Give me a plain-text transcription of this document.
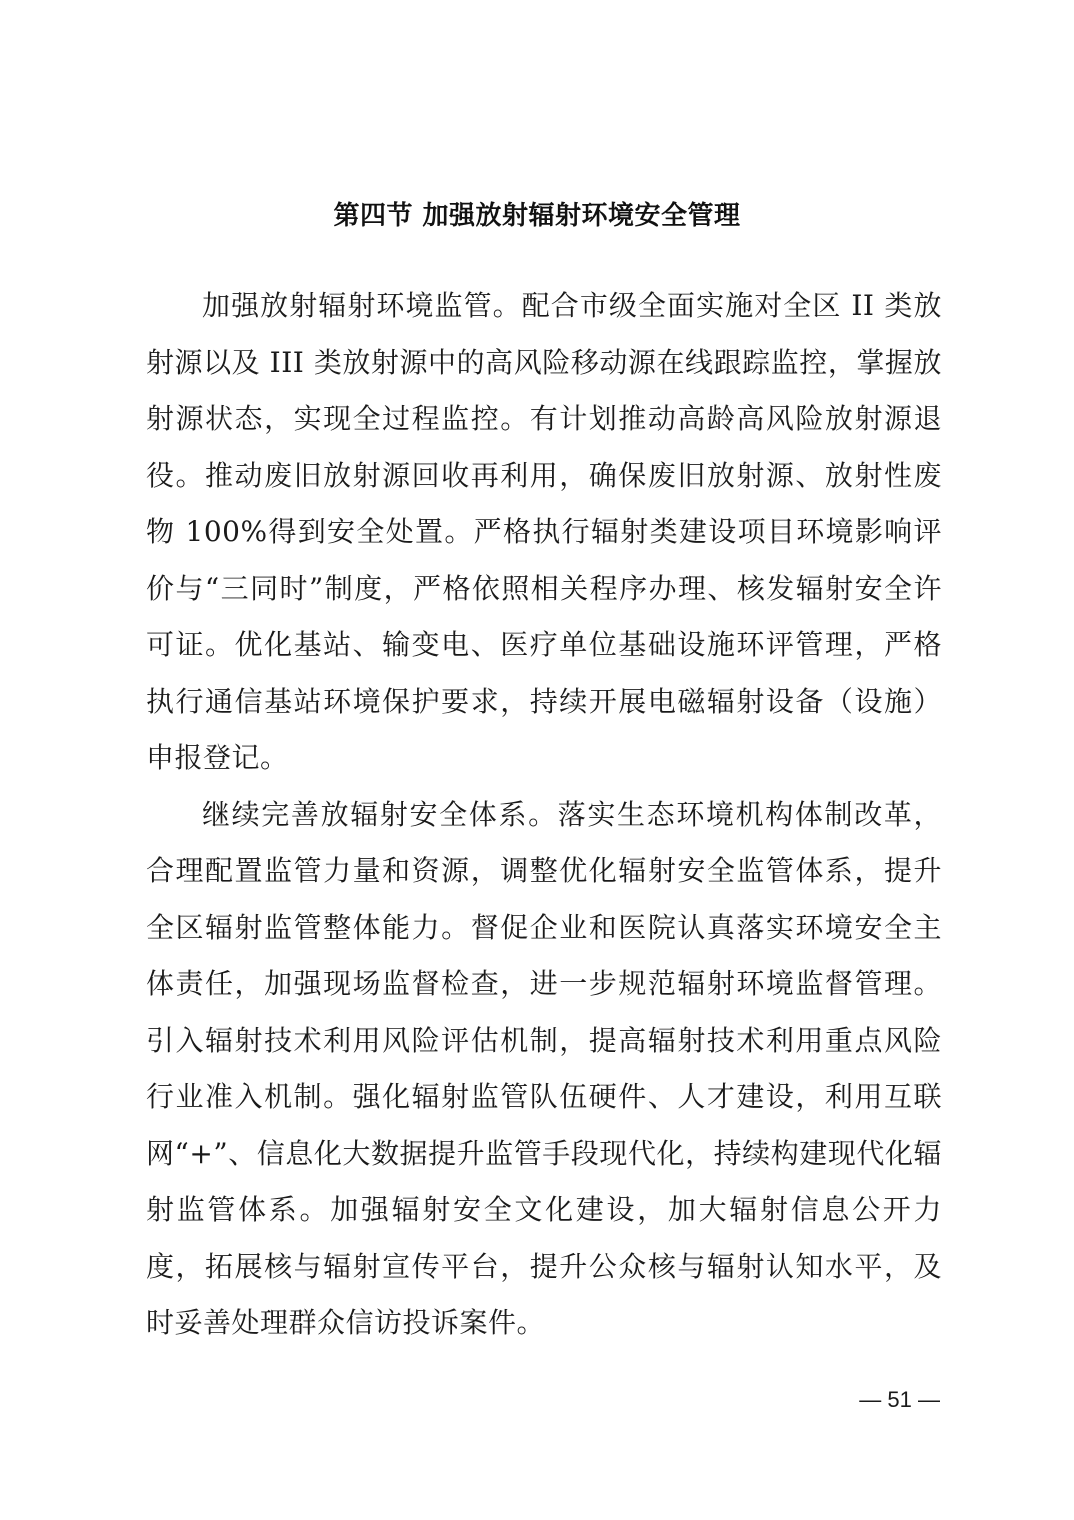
第四节 加强放射辐射环境安全管理

加强放射辐射环境监管。配合市级全面实施对全区 II 类放射源以及 III 类放射源中的高风险移动源在线跟踪监控，掌握放射源状态，实现全过程监控。有计划推动高龄高风险放射源退役。推动废旧放射源回收再利用，确保废旧放射源、放射性废物 100%得到安全处置。严格执行辐射类建设项目环境影响评价与“三同时”制度，严格依照相关程序办理、核发辐射安全许可证。优化基站、输变电、医疗单位基础设施环评管理，严格执行通信基站环境保护要求，持续开展电磁辐射设备（设施）申报登记。

继续完善放辐射安全体系。落实生态环境机构体制改革，合理配置监管力量和资源，调整优化辐射安全监管体系，提升全区辐射监管整体能力。督促企业和医院认真落实环境安全主体责任，加强现场监督检查，进一步规范辐射环境监督管理。引入辐射技术利用风险评估机制，提高辐射技术利用重点风险行业准入机制。强化辐射监管队伍硬件、人才建设，利用互联网“+”、信息化大数据提升监管手段现代化，持续构建现代化辐射监管体系。加强辐射安全文化建设，加大辐射信息公开力度，拓展核与辐射宣传平台，提升公众核与辐射认知水平，及时妥善处理群众信访投诉案件。

— 51 —
